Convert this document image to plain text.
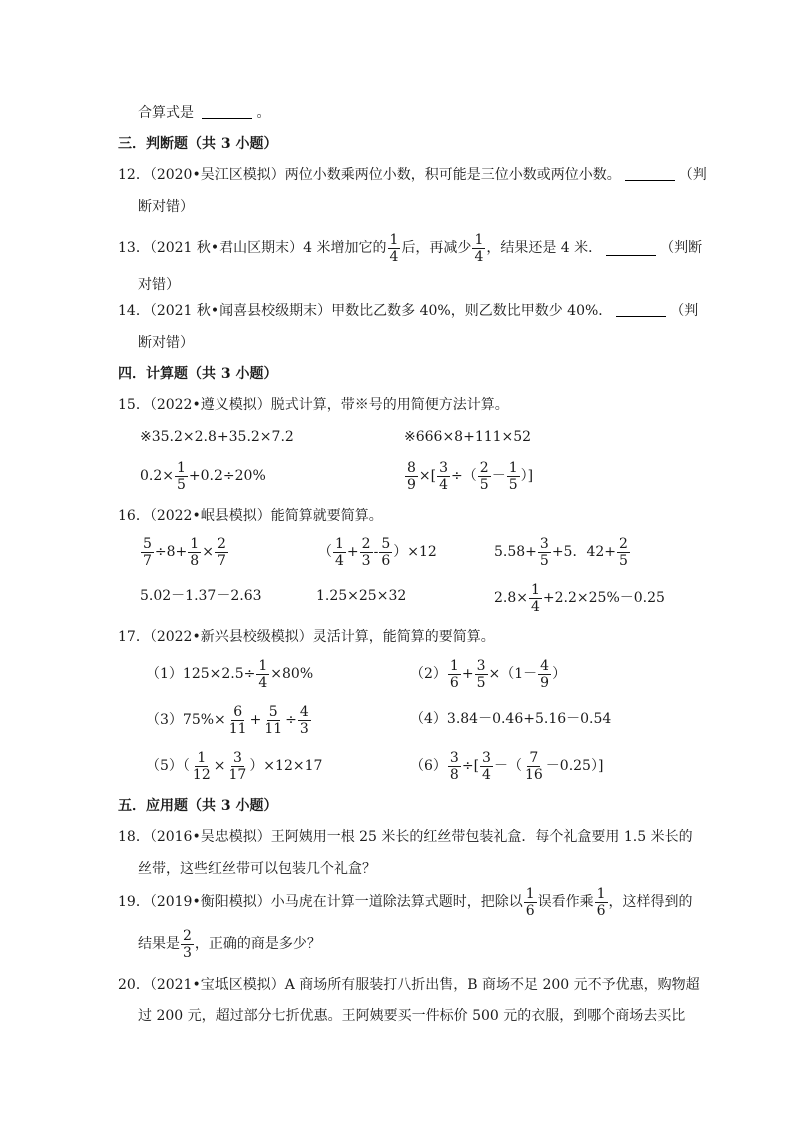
合算式是	。
三．判断题（共 3 小题）
12．（2020•吴江区模拟）两位小数乘两位小数，积可能是三位小数或两位小数。	（判
断对错）
13．（2021 秋•君山区期末）4 米增加它的 $\frac{1}{4}$ 后，再减少 $\frac{1}{4}$ ，结果还是 4 米．	（判断
对错）
14．（2021 秋•闻喜县校级期末）甲数比乙数多 40%，则乙数比甲数少 40%．	（判
断对错）
四．计算题（共 3 小题）
15．（2022•遵义模拟）脱式计算，带※号的用简便方法计算。
※35.2×2.8+35.2×7.2	※666×8+111×52
$0.2\times \frac{1}{5} +0.2\div 20\%$	$\frac{8}{9}$ ×[ $\frac{3}{4}$ ÷（ $\frac{2}{5} - \frac{1}{5}$ ）]
16．（2022•岷县模拟）能简算就要简算。
$\frac{5}{7} \div 8+ \frac{1}{8} \times \frac{2}{7}$	（ $\frac{1}{4} + \frac{2}{3} - \frac{5}{6} )\times 12$	$5.58+ \frac{3}{5} +5$．$42+ \frac{2}{5}$
5.02－1.37－2.63	1.25×25×32	$2.8\times \frac{1}{4} +2.2\times 25\%-0.25$
17．（2022•新兴县校级模拟）灵活计算，能简算的要简算。
$(1)125\times 2.5\div \frac{1}{4} \times 80\%$	$(2) \frac{1}{6} + \frac{3}{5} \times(1- \frac{4}{9}$ ）
$(3)75\%\times \frac{6}{11} + \frac{5}{11} \div \frac{4}{3}$	（4）3.84－0.46+5.16－0.54
$(5)( \frac{1}{12} \times \frac{3}{17} )\times 12\times 17$	$(6) \frac{3}{8}$ ÷[ $\frac{3}{4}$ －（ $\frac{7}{16} -0.25$）]
五．应用题（共 3 小题）
18．（2016•吴忠模拟）王阿姨用一根 25 米长的红丝带包装礼盒．每个礼盒要用 1.5 米长的
丝带，这些红丝带可以包装几个礼盒？
19．（2019•衡阳模拟）小马虎在计算一道除法算式题时，把除以 $\frac{1}{6}$ 误看作乘 $\frac{1}{6}$ ，这样得到的
结果是 $\frac{2}{3}$ ，正确的商是多少？
20．（2021•宝坻区模拟）A 商场所有服装打八折出售，B 商场不足 200 元不予优惠，购物超
过 200 元，超过部分七折优惠。王阿姨要买一件标价 500 元的衣服，到哪个商场去买比
